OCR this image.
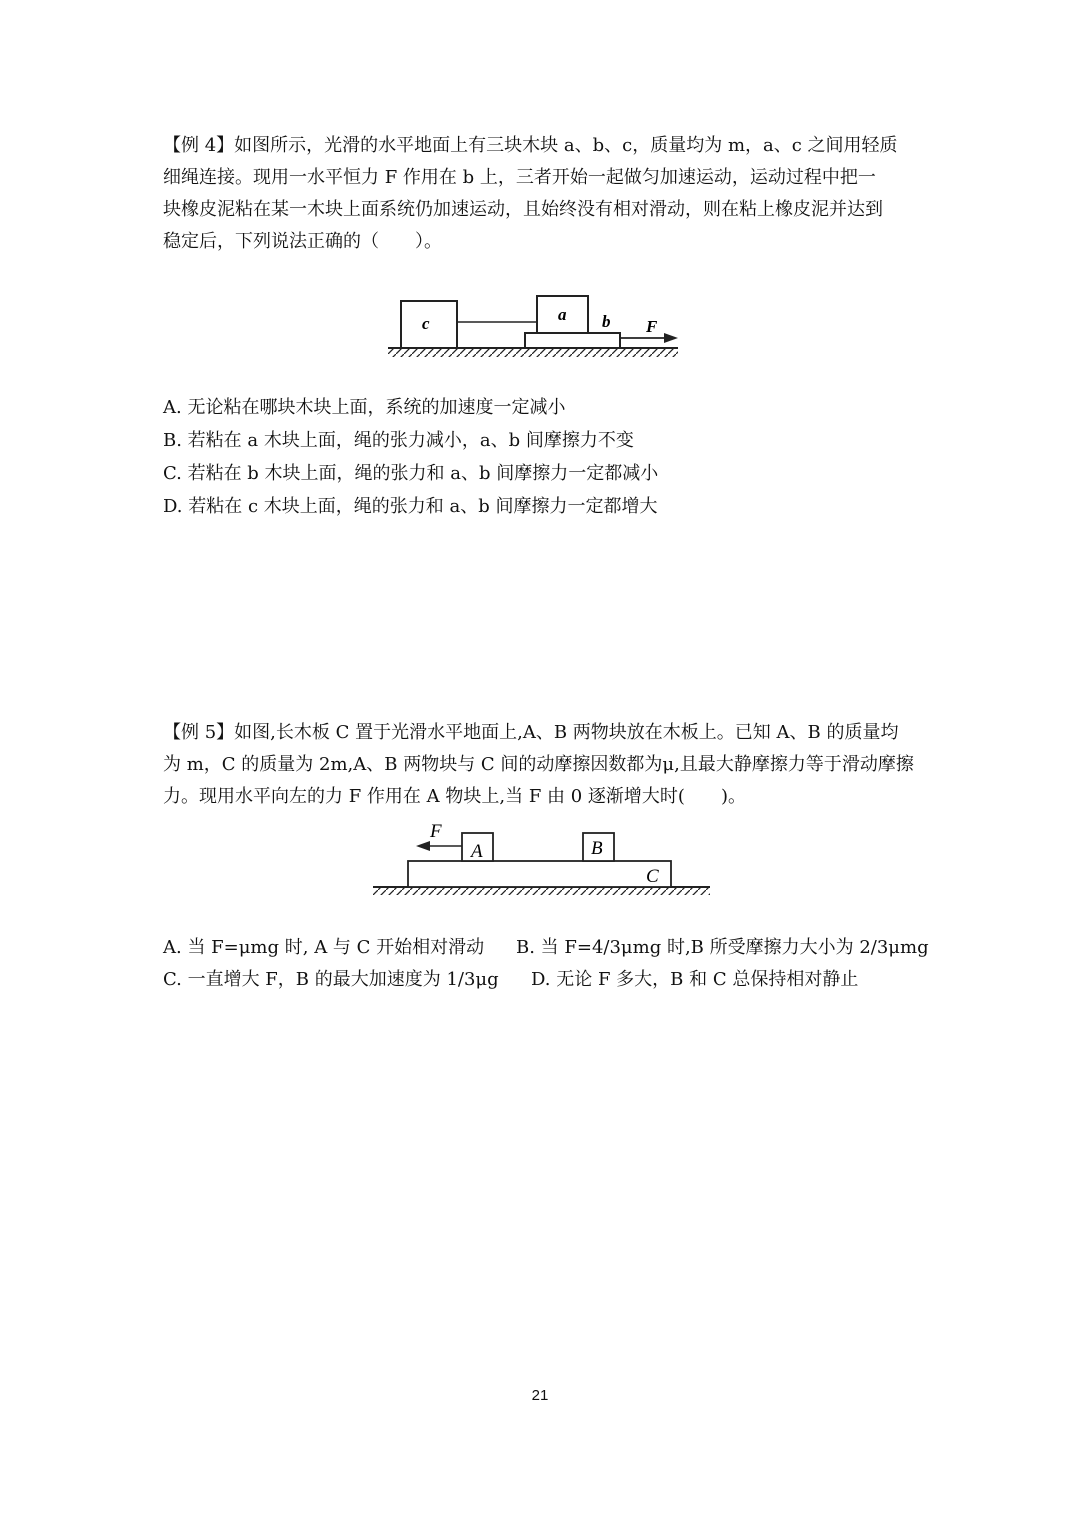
【例 4】如图所示，光滑的水平地面上有三块木块 a、b、c，质量均为 m，a、c 之间用轻质

细绳连接。现用一水平恒力 F 作用在 b 上，三者开始一起做匀加速运动，运动过程中把一

块橡皮泥粘在某一木块上面系统仍加速运动，且始终没有相对滑动，则在粘上橡皮泥并达到

稳定后，下列说法正确的（　　）。

c	a b F

A. 无论粘在哪块木块上面，系统的加速度一定减小

B. 若粘在 a 木块上面，绳的张力减小，a、b 间摩擦力不变

C. 若粘在 b 木块上面，绳的张力和 a、b 间摩擦力一定都减小

D. 若粘在 c 木块上面，绳的张力和 a、b 间摩擦力一定都增大

【例 5】如图,长木板 C 置于光滑水平地面上,A、B 两物块放在木板上。已知 A、B 的质量均

为 m，C 的质量为 2m,A、B 两物块与 C 间的动摩擦因数都为μ,且最大静摩擦力等于滑动摩擦

力。现用水平向左的力 F 作用在 A 物块上,当 F 由 0 逐渐增大时(　　)。

F
A	B
C
A. 当 F=μmg 时, A 与 C 开始相对滑动 B. 当 F=4/3μmg 时,B 所受摩擦力大小为 2/3μmg
C. 一直增大 F，B 的最大加速度为 1/3μg D. 无论 F 多大，B 和 C 总保持相对静止
21
